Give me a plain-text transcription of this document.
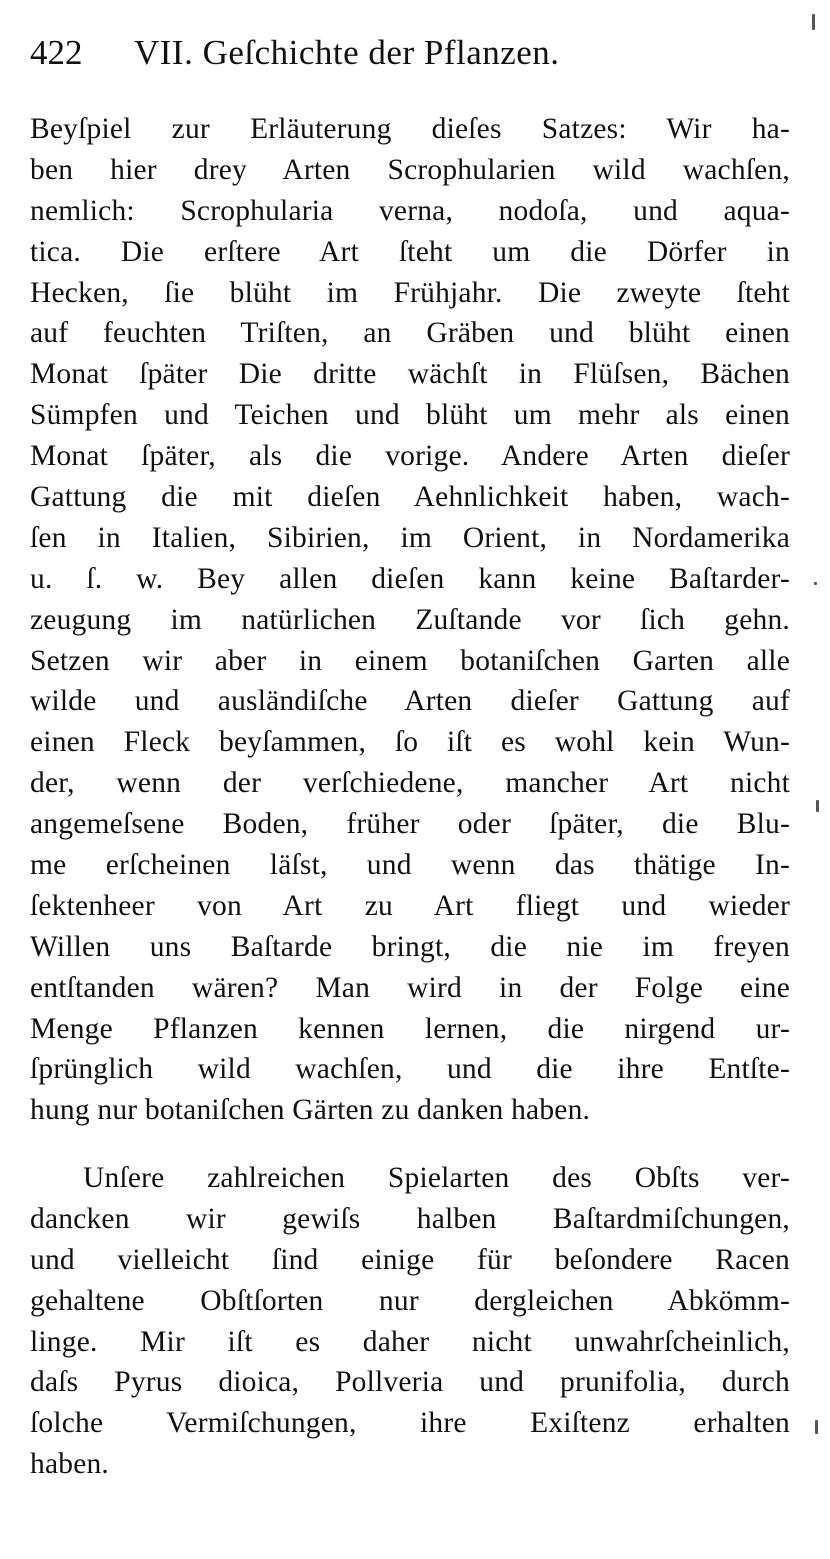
422 VII. Geſchichte der Pflanzen.
Beyſpiel zur Erläuterung dieſes Satzes: Wir ha-
ben hier drey Arten Scrophularien wild wachſen,
nemlich: Scrophularia verna, nodoſa, und aqua-
tica. Die erſtere Art ſteht um die Dörfer in
Hecken, ſie blüht im Frühjahr. Die zweyte ſteht
auf feuchten Triſten, an Gräben und blüht einen
Monat ſpäter Die dritte wächſt in Flüſsen, Bächen
Sümpfen und Teichen und blüht um mehr als einen
Monat ſpäter, als die vorige. Andere Arten dieſer
Gattung die mit dieſen Aehnlichkeit haben, wach-
ſen in Italien, Sibirien, im Orient, in Nordamerika
u. ſ. w. Bey allen dieſen kann keine Baſtarder-
zeugung im natürlichen Zuſtande vor ſich gehn.
Setzen wir aber in einem botaniſchen Garten alle
wilde und ausländiſche Arten dieſer Gattung auf
einen Fleck beyſammen, ſo iſt es wohl kein Wun-
der, wenn der verſchiedene, mancher Art nicht
angemeſsene Boden, früher oder ſpäter, die Blu-
me erſcheinen läſst, und wenn das thätige In-
ſektenheer von Art zu Art fliegt und wieder
Willen uns Baſtarde bringt, die nie im freyen
entſtanden wären? Man wird in der Folge eine
Menge Pflanzen kennen lernen, die nirgend ur-
ſprünglich wild wachſen, und die ihre Entſte-
hung nur botaniſchen Gärten zu danken haben.
Unſere zahlreichen Spielarten des Obſts ver-
dancken wir gewiſs halben Baſtardmiſchungen,
und vielleicht ſind einige für beſondere Racen
gehaltene Obſtſorten nur dergleichen Abkömm-
linge. Mir iſt es daher nicht unwahrſcheinlich,
daſs Pyrus dioica, Pollveria und prunifolia, durch
ſolche Vermiſchungen, ihre Exiſtenz erhalten
haben.
